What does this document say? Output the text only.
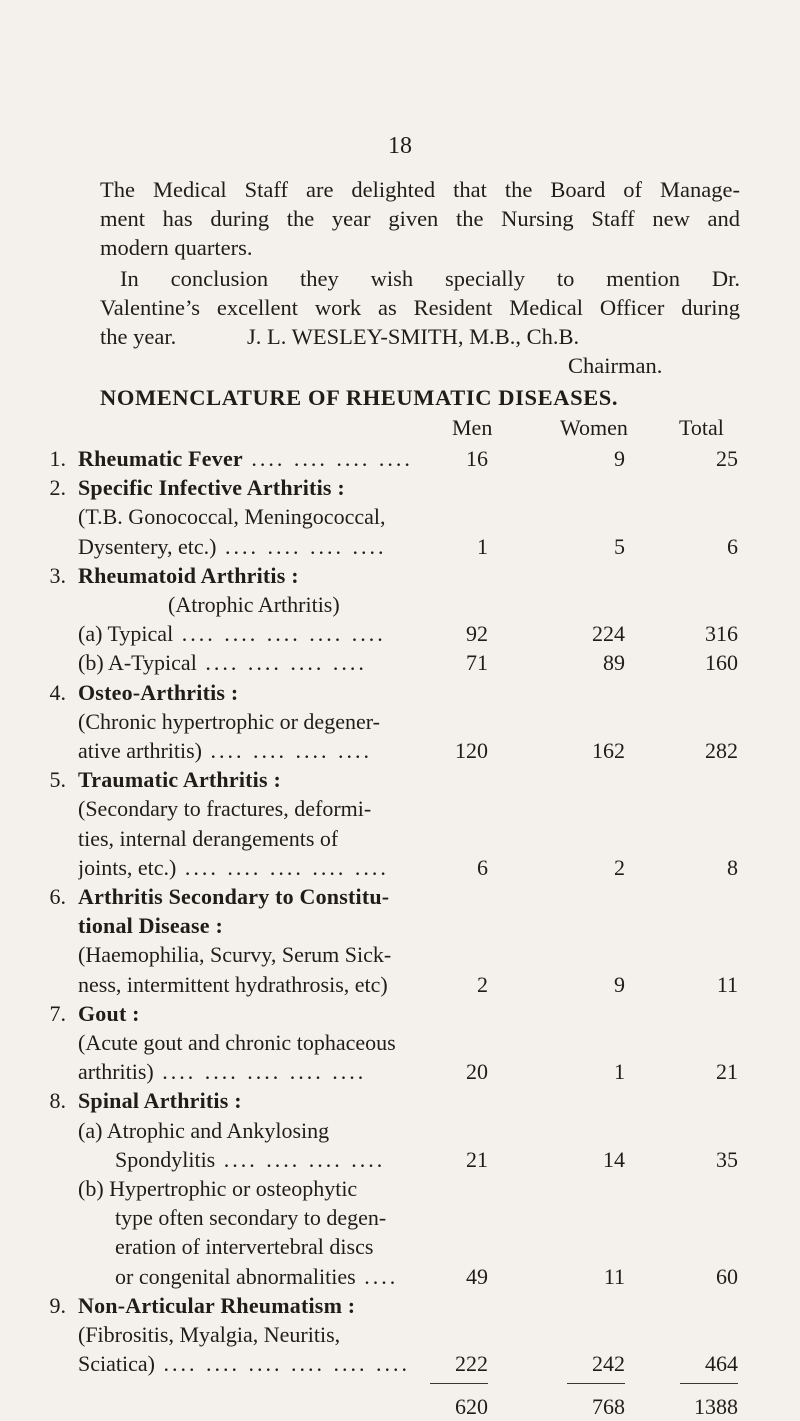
18
The Medical Staff are delighted that the Board of Manage-
ment has during the year given the Nursing Staff new and
modern quarters.
In conclusion they wish specially to mention Dr.
Valentine’s excellent work as Resident Medical Officer during
the year.	J. L. WESLEY-SMITH, M.B., Ch.B.
Chairman.
NOMENCLATURE OF RHEUMATIC DISEASES.
Men	Women Total
1. Rheumatic Fever .... .... .... ....	16	9	25
2. Specific Infective Arthritis :
(T.B. Gonococcal, Meningococcal,
Dysentery, etc.) .... .... .... ....	1	5	6
3. Rheumatoid Arthritis :
(Atrophic Arthritis)
(a) Typical .... .... .... .... ....	92	224	316
(b) A-Typical .... .... .... ....	71	89	160
4. Osteo-Arthritis :
(Chronic hypertrophic or degener-
ative arthritis) .... .... .... ....	120	162	282
5. Traumatic Arthritis :
(Secondary to fractures, deformi-
ties, internal derangements of
joints, etc.) .... .... .... .... ....	6	2	8
6. Arthritis Secondary to Constitu-
tional Disease :
(Haemophilia, Scurvy, Serum Sick-
ness, intermittent hydrathrosis, etc)	2	9	11
7. Gout :
(Acute gout and chronic tophaceous
arthritis) .... .... .... .... ....	20	1	21
8. Spinal Arthritis :
(a) Atrophic and Ankylosing
Spondylitis .... .... .... ....	21	14	35
(b) Hypertrophic or osteophytic
type often secondary to degen-
eration of intervertebral discs
or congenital abnormalities ....	49	11	60
9. Non-Articular Rheumatism :
(Fibrositis, Myalgia, Neuritis,
Sciatica) .... .... .... .... .... ....	222	242	464
620	768	1388
